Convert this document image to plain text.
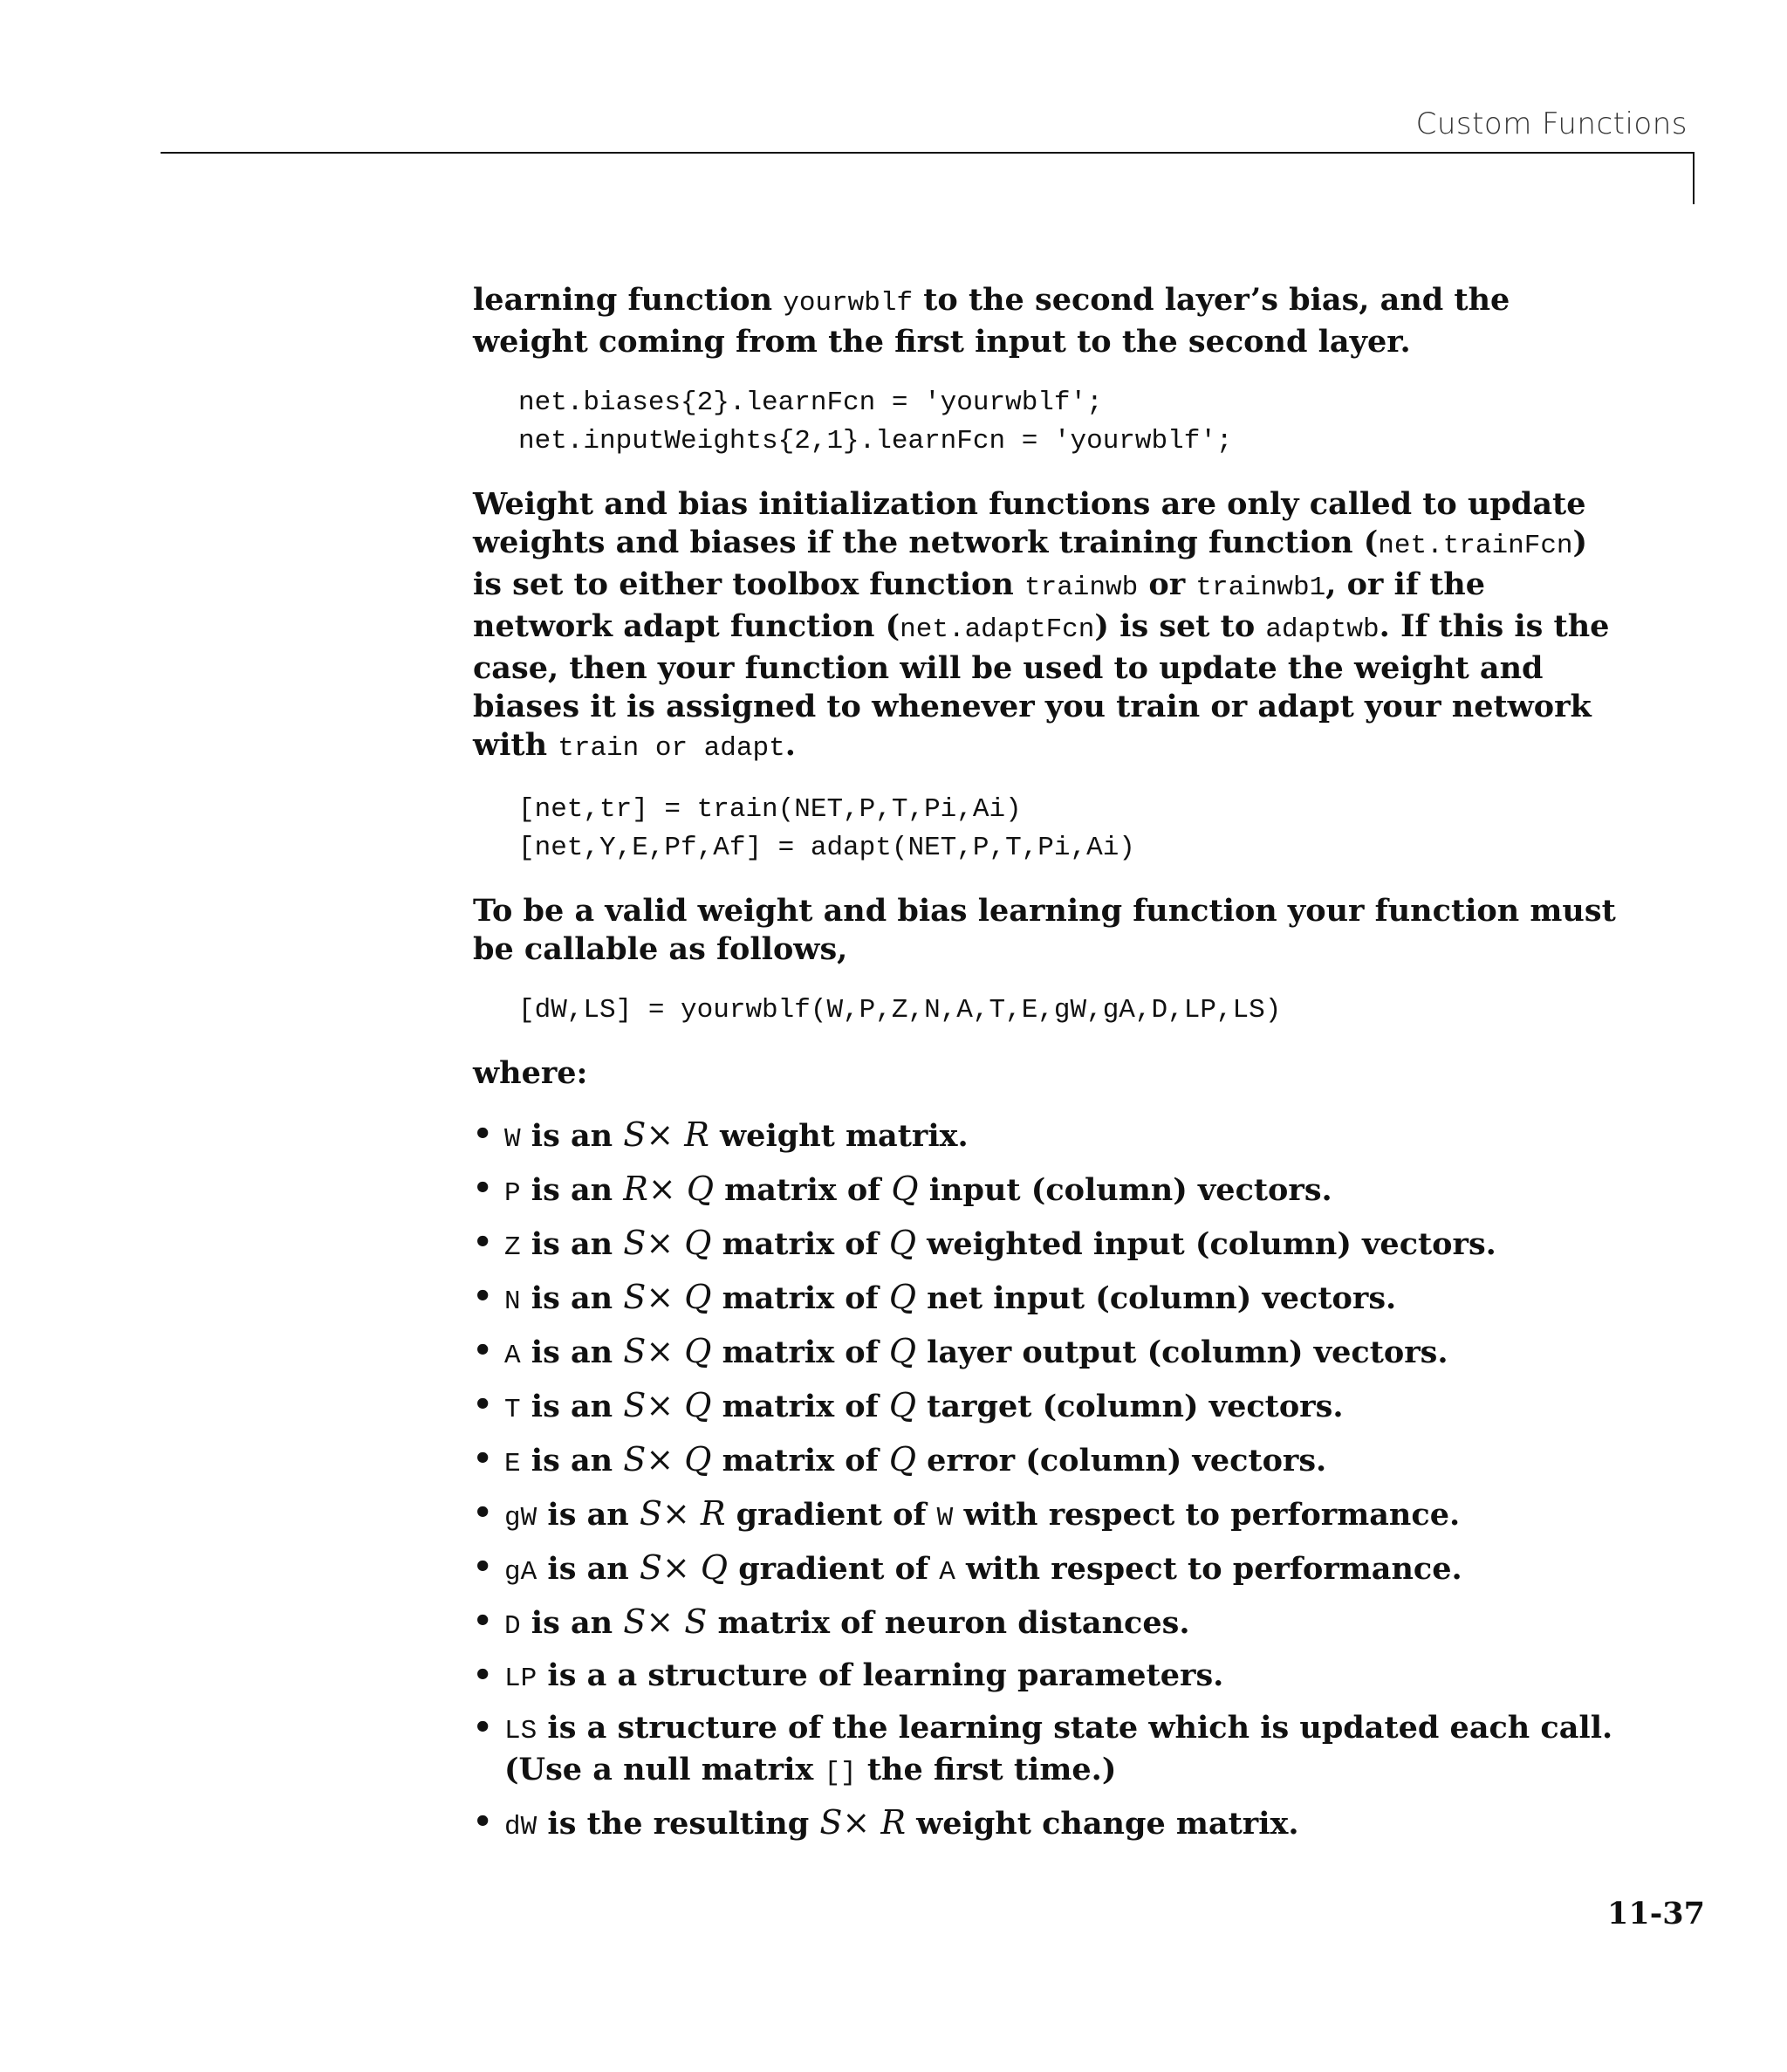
Custom Functions

learning function yourwblf to the second layer’s bias, and the weight coming from the first input to the second layer.

net.biases{2}.learnFcn = 'yourwblf';
net.inputWeights{2,1}.learnFcn = 'yourwblf';

Weight and bias initialization functions are only called to update weights and biases if the network training function (net.trainFcn) is set to either toolbox function trainwb or trainwb1, or if the network adapt function (net.adaptFcn) is set to adaptwb. If this is the case, then your function will be used to update the weight and biases it is assigned to whenever you train or adapt your network with train or adapt.

[net,tr] = train(NET,P,T,Pi,Ai)
[net,Y,E,Pf,Af] = adapt(NET,P,T,Pi,Ai)

To be a valid weight and bias learning function your function must be callable as follows,

[dW,LS] = yourwblf(W,P,Z,N,A,T,E,gW,gA,D,LP,LS)

where:

• W is an S× R weight matrix.
• P is an R× Q matrix of Q input (column) vectors.
• Z is an S× Q matrix of Q weighted input (column) vectors.
• N is an S× Q matrix of Q net input (column) vectors.
• A is an S× Q matrix of Q layer output (column) vectors.
• T is an S× Q matrix of Q target (column) vectors.
• E is an S× Q matrix of Q error (column) vectors.
• gW is an S× R gradient of W with respect to performance.
• gA is an S× Q gradient of A with respect to performance.
• D is an S× S matrix of neuron distances.
• LP is a a structure of learning parameters.
• LS is a structure of the learning state which is updated each call. (Use a null matrix [] the first time.)
• dW is the resulting S× R weight change matrix.
11-37
